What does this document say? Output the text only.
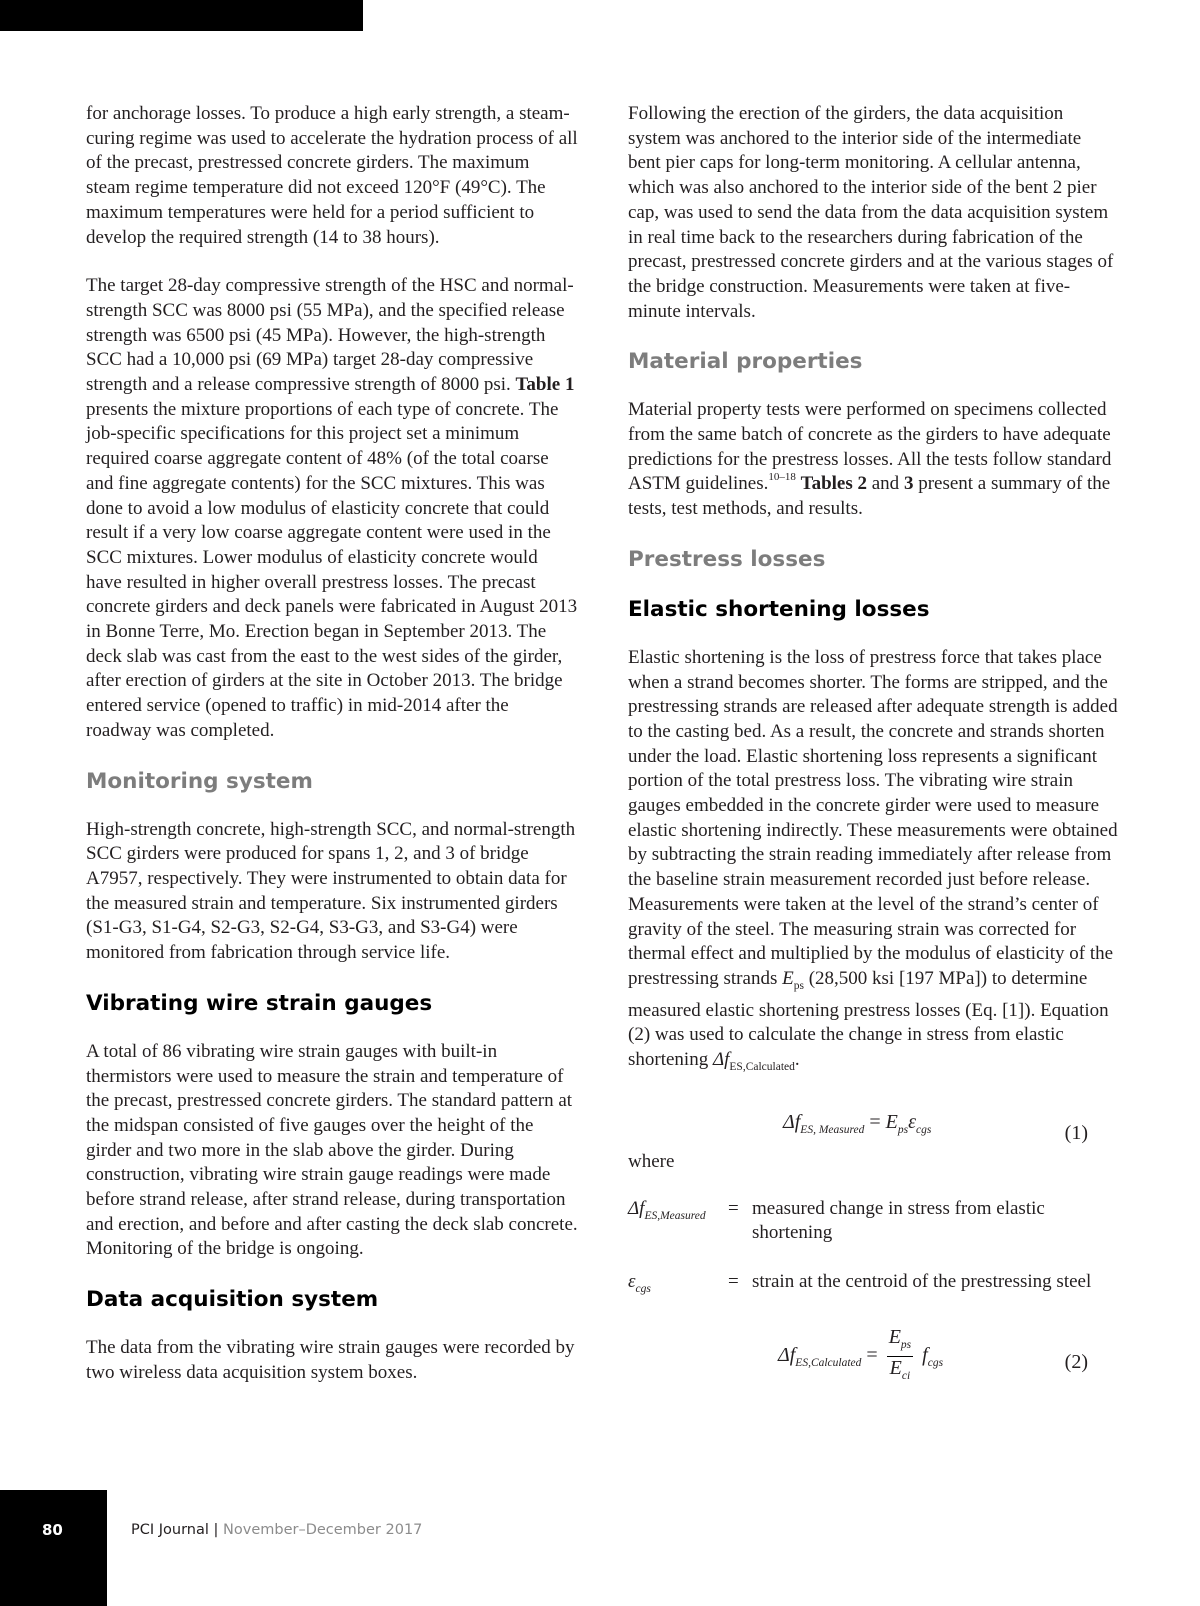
for anchorage losses. To produce a high early strength, a steam-curing regime was used to accelerate the hydration process of all of the precast, prestressed concrete girders. The maximum steam regime temperature did not exceed 120°F (49°C). The maximum temperatures were held for a period sufficient to develop the required strength (14 to 38 hours).

The target 28-day compressive strength of the HSC and normal-strength SCC was 8000 psi (55 MPa), and the specified release strength was 6500 psi (45 MPa). However, the high-strength SCC had a 10,000 psi (69 MPa) target 28-day compressive strength and a release compressive strength of 8000 psi. Table 1 presents the mixture proportions of each type of concrete. The job-specific specifications for this project set a minimum required coarse aggregate content of 48% (of the total coarse and fine aggregate contents) for the SCC mixtures. This was done to avoid a low modulus of elasticity concrete that could result if a very low coarse aggregate content were used in the SCC mixtures. Lower modulus of elasticity concrete would have resulted in higher overall prestress losses. The precast concrete girders and deck panels were fabricated in August 2013 in Bonne Terre, Mo. Erection began in September 2013. The deck slab was cast from the east to the west sides of the girder, after erection of girders at the site in October 2013. The bridge entered service (opened to traffic) in mid-2014 after the roadway was completed.

Monitoring system

High-strength concrete, high-strength SCC, and normal-strength SCC girders were produced for spans 1, 2, and 3 of bridge A7957, respectively. They were instrumented to obtain data for the measured strain and temperature. Six instrumented girders (S1-G3, S1-G4, S2-G3, S2-G4, S3-G3, and S3-G4) were monitored from fabrication through service life.

Vibrating wire strain gauges

A total of 86 vibrating wire strain gauges with built-in thermistors were used to measure the strain and temperature of the precast, prestressed concrete girders. The standard pattern at the midspan consisted of five gauges over the height of the girder and two more in the slab above the girder. During construction, vibrating wire strain gauge readings were made before strand release, after strand release, during transportation and erection, and before and after casting the deck slab concrete. Monitoring of the bridge is ongoing.

Data acquisition system

The data from the vibrating wire strain gauges were recorded by two wireless data acquisition system boxes.

Following the erection of the girders, the data acquisition system was anchored to the interior side of the intermediate bent pier caps for long-term monitoring. A cellular antenna, which was also anchored to the interior side of the bent 2 pier cap, was used to send the data from the data acquisition system in real time back to the researchers during fabrication of the precast, prestressed concrete girders and at the various stages of the bridge construction. Measurements were taken at five-minute intervals.

Material properties

Material property tests were performed on specimens collected from the same batch of concrete as the girders to have adequate predictions for the prestress losses. All the tests follow standard ASTM guidelines.$^{10-18}$ Tables 2 and 3 present a summary of the tests, test methods, and results.

Prestress losses
Elastic shortening losses

Elastic shortening is the loss of prestress force that takes place when a strand becomes shorter. The forms are stripped, and the prestressing strands are released after adequate strength is added to the casting bed. As a result, the concrete and strands shorten under the load. Elastic shortening loss represents a significant portion of the total prestress loss. The vibrating wire strain gauges embedded in the concrete girder were used to measure elastic shortening indirectly. These measurements were obtained by subtracting the strain reading immediately after release from the baseline strain measurement recorded just before release. Measurements were taken at the level of the strand’s center of gravity of the steel. The measuring strain was corrected for thermal effect and multiplied by the modulus of elasticity of the prestressing strands $E_{ps}$ (28,500 ksi [197 MPa]) to determine measured elastic shortening prestress losses (Eq. [1]). Equation (2) was used to calculate the change in stress from elastic shortening $\Delta f_{ES,Calculated}$.

$\Delta f_{ES, Measured} = E_{ps}\varepsilon_{cgs}$	(1)

where

$\Delta f_{ES,Measured}$	= measured change in stress from elastic shortening
$\varepsilon_{cgs}$	= strain at the centroid of the prestressing steel
$\Delta f_{ES,Calculated} = \frac{E_{ps}}{E_{ci}} f_{cgs}$	(2)
80	PCI Journal | November–December 2017
